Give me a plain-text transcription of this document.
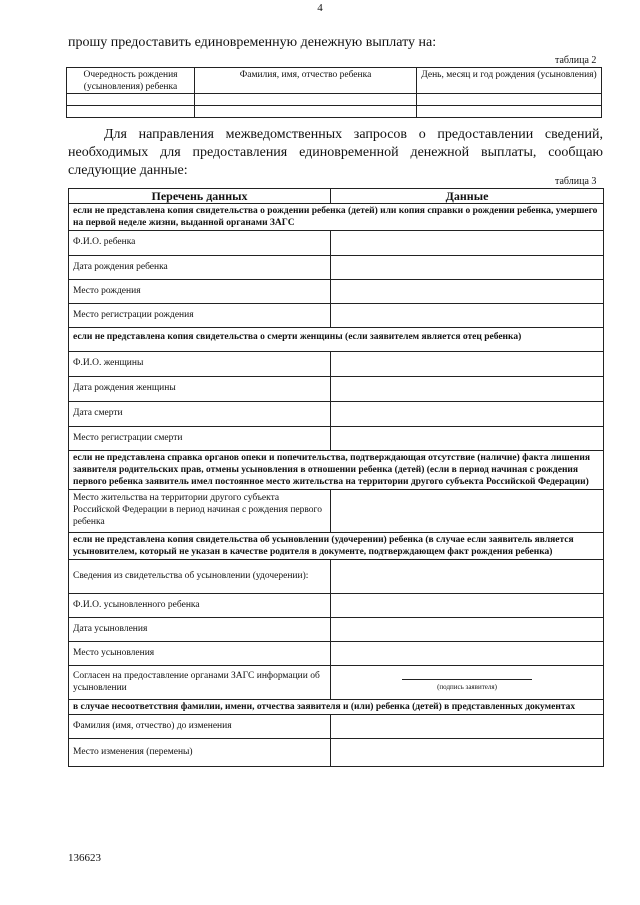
4
прошу предоставить единовременную денежную выплату на:
таблица 2
Очередность рождения (усыновления) ребенка	Фамилия, имя, отчество ребенка	День, месяц и год рождения (усыновления)

Для направления межведомственных запросов о предоставлении сведений, необходимых для предоставления единовременной денежной выплаты, сообщаю следующие данные:
таблица 3
Перечень данных	Данные
если не представлена копия свидетельства о рождении ребенка (детей) или копия справки о рождении ребенка, умершего на первой неделе жизни, выданной органами ЗАГС	
Ф.И.О. ребенка	
Дата рождения ребенка	
Место рождения	
Место регистрации рождения	
если не представлена копия свидетельства о смерти женщины (если заявителем является отец ребенка)	
Ф.И.О. женщины	
Дата рождения женщины	
Дата смерти	
Место регистрации смерти	
если не представлена справка органов опеки и попечительства, подтверждающая отсутствие (наличие) факта лишения заявителя родительских прав, отмены усыновления в отношении ребенка (детей) (если в период начиная с рождения первого ребенка заявитель имел постоянное место жительства на территории другого субъекта Российской Федерации)	
Место жительства на территории другого субъекта Российской Федерации в период начиная с рождения первого ребенка	
если не представлена копия свидетельства об усыновлении (удочерении) ребенка (в случае если заявитель является усыновителем, который не указан в качестве родителя в документе, подтверждающем факт рождения ребенка)	
Сведения из свидетельства об усыновлении (удочерении):	
Ф.И.О. усыновленного ребенка	
Дата усыновления	
Место усыновления	
Согласен на предоставление органами ЗАГС информации об усыновлении	(подпись заявителя)

в случае несоответствия фамилии, имени, отчества заявителя и (или) ребенка (детей) в представленных документах	
Фамилия (имя, отчество) до изменения	
Место изменения (перемены)	
136623
